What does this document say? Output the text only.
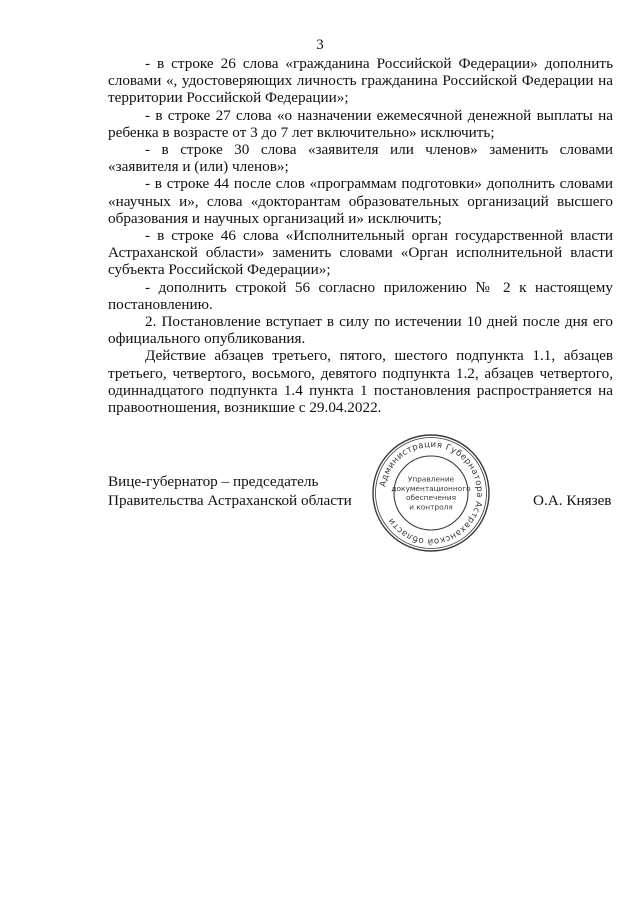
3

- в строке 26 слова «гражданина Российской Федерации» дополнить словами «, удостоверяющих личность гражданина Российской Федерации на территории Российской Федерации»;

- в строке 27 слова «о назначении ежемесячной денежной выплаты на ребенка в возрасте от 3 до 7 лет включительно» исключить;

- в строке 30 слова «заявителя или членов» заменить словами «заявителя и (или) членов»;

- в строке 44 после слов «программам подготовки» дополнить словами «научных и», слова «докторантам образовательных организаций высшего образования и научных организаций и» исключить;

- в строке 46 слова «Исполнительный орган государственной власти Астраханской области» заменить словами «Орган исполнительной власти субъекта Российской Федерации»;

- дополнить строкой 56 согласно приложению № 2 к настоящему постановлению.

2. Постановление вступает в силу по истечении 10 дней после дня его официального опубликования.

Действие абзацев третьего, пятого, шестого подпункта 1.1, абзацев третьего, четвертого, восьмого, девятого подпункта 1.2, абзацев четвертого, одиннадцатого подпункта 1.4 пункта 1 постановления распространяется на правоотношения, возникшие с 29.04.2022.

Вице-губернатор – председатель
Правительства Астраханской области	О.А. Князев
Администрация Губернатора Астраханской области
Управление
документационного
обеспечения
и контроля
